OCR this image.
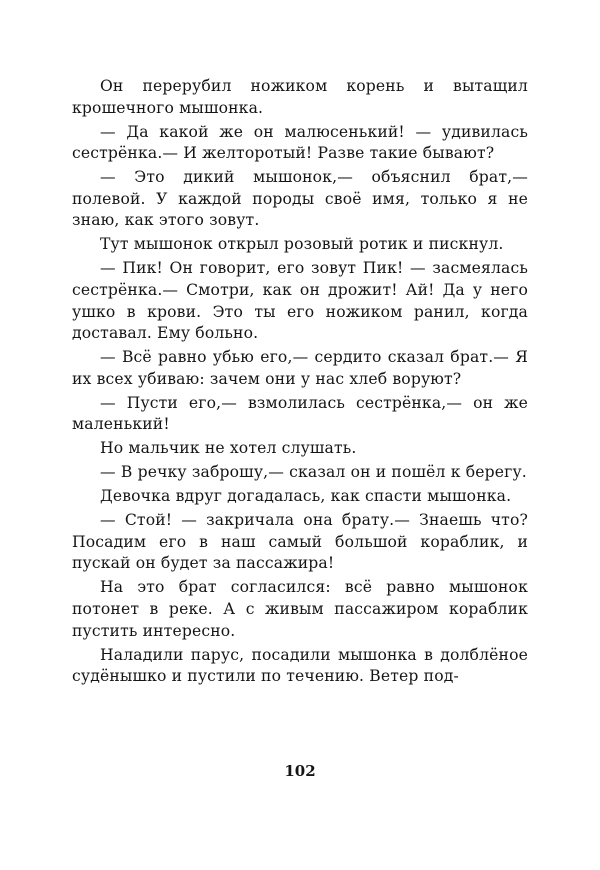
Он перерубил ножиком корень и вытащил крошечного мышонка.

— Да какой же он малюсенький! — удивилась сестрёнка.— И желторотый! Разве такие бывают?

— Это дикий мышонок,— объяснил брат,— полевой. У каждой породы своё имя, только я не знаю, как этого зовут.

Тут мышонок открыл розовый ротик и пискнул.

— Пик! Он говорит, его зовут Пик! — засмеялась сестрёнка.— Смотри, как он дрожит! Ай! Да у него ушко в крови. Это ты его ножиком ранил, когда доставал. Ему больно.

— Всё равно убью его,— сердито сказал брат.— Я их всех убиваю: зачем они у нас хлеб воруют?

— Пусти его,— взмолилась сестрёнка,— он же маленький!

Но мальчик не хотел слушать.

— В речку заброшу,— сказал он и пошёл к берегу.

Девочка вдруг догадалась, как спасти мышонка.

— Стой! — закричала она брату.— Знаешь что? Посадим его в наш самый большой кораблик, и пускай он будет за пассажира!

На это брат согласился: всё равно мышонок потонет в реке. А с живым пассажиром кораблик пустить интересно.

Наладили парус, посадили мышонка в долблёное судёнышко и пустили по течению. Ветер под-

102
